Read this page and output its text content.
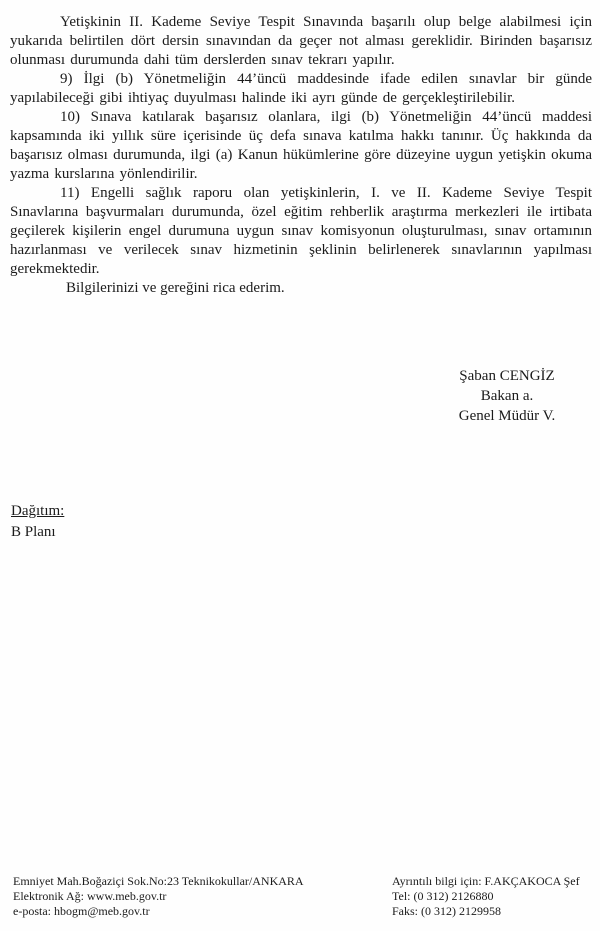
Yetişkinin II. Kademe Seviye Tespit Sınavında başarılı olup belge alabilmesi için yukarıda belirtilen dört dersin sınavından da geçer not alması gereklidir. Birinden başarısız olunması durumunda dahi tüm derslerden sınav tekrarı yapılır.

9) İlgi (b) Yönetmeliğin 44’üncü maddesinde ifade edilen sınavlar bir günde yapılabileceği gibi ihtiyaç duyulması halinde iki ayrı günde de gerçekleştirilebilir.

10) Sınava katılarak başarısız olanlara, ilgi (b) Yönetmeliğin 44’üncü maddesi kapsamında iki yıllık süre içerisinde üç defa sınava katılma hakkı tanınır. Üç hakkında da başarısız olması durumunda, ilgi (a) Kanun hükümlerine göre düzeyine uygun yetişkin okuma yazma kurslarına yönlendirilir.

11) Engelli sağlık raporu olan yetişkinlerin, I. ve II. Kademe Seviye Tespit Sınavlarına başvurmaları durumunda, özel eğitim rehberlik araştırma merkezleri ile irtibata geçilerek kişilerin engel durumuna uygun sınav komisyonun oluşturulması, sınav ortamının hazırlanması ve verilecek sınav hizmetinin şeklinin belirlenerek sınavlarının yapılması gerekmektedir.

Bilgilerinizi ve gereğini rica ederim.

Şaban CENGİZ
Bakan a.
Genel Müdür V.
Dağıtım:
B Planı
Emniyet Mah.Boğaziçi Sok.No:23 Teknikokullar/ANKARA
Elektronik Ağ: www.meb.gov.tr
e-posta: hbogm@meb.gov.tr
Ayrıntılı bilgi için: F.AKÇAKOCA Şef
Tel: (0 312) 2126880
Faks: (0 312) 2129958
